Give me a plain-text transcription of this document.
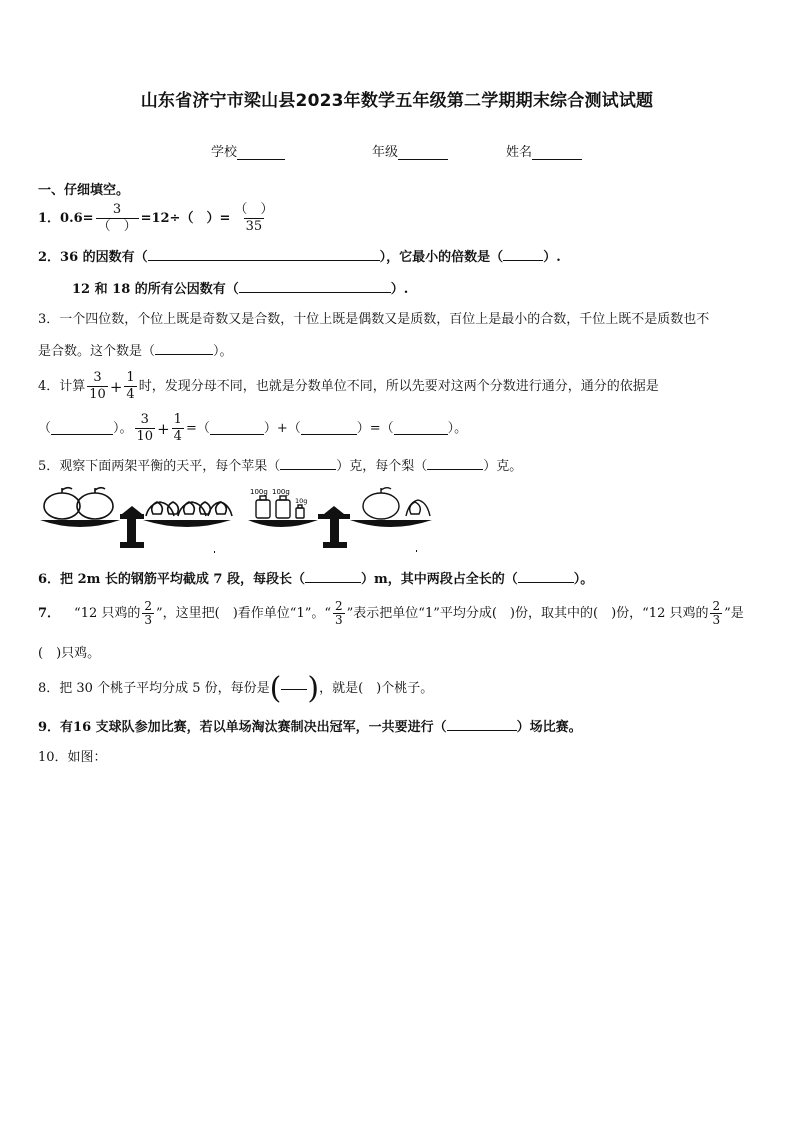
山东省济宁市梁山县2023年数学五年级第二学期期末综合测试试题
学校	年级	姓名
一、仔细填空。
1． $0.6= \frac{3}{( )} =12\div$（　）= $\frac{( )}{35}$
2．36 的因数有（	），它最小的倍数是（	）.
12 和 18 的所有公因数有（	）.
3．一个四位数，个位上既是奇数又是合数，十位上既是偶数又是质数，百位上是最小的合数，千位上既不是质数也不
是合数。这个数是（	）。
4．计算 $\frac{3}{10} + \frac{1}{4}$ 时，发现分母不同，也就是分数单位不同，所以先要对这两个分数进行通分，通分的依据是
（	）。 $\frac{3}{10} + \frac{1}{4}$ =（	）+（	）=（	）。
5．观察下面两架平衡的天平，每个苹果（	）克，每个梨（	）克。
100g 100g
10g
6．把 2m 长的钢筋平均截成 7 段，每段长（	）m，其中两段占全长的（	）。
7． “12 只鸡的 $\frac{2}{3}$ ”，这里把(　)看作单位“1”。“ $\frac{2}{3}$ ”表示把单位“1”平均分成(　)份，取其中的(　)份，“12 只鸡的 $\frac{2}{3}$ ”是
(　)只鸡。
8．把 30 个桃子平均分成 5 份，每份是 ( ) ，就是(　)个桃子。
9．有16 支球队参加比赛，若以单场淘汰赛制决出冠军，一共要进行（	）场比赛。
10．如图：
